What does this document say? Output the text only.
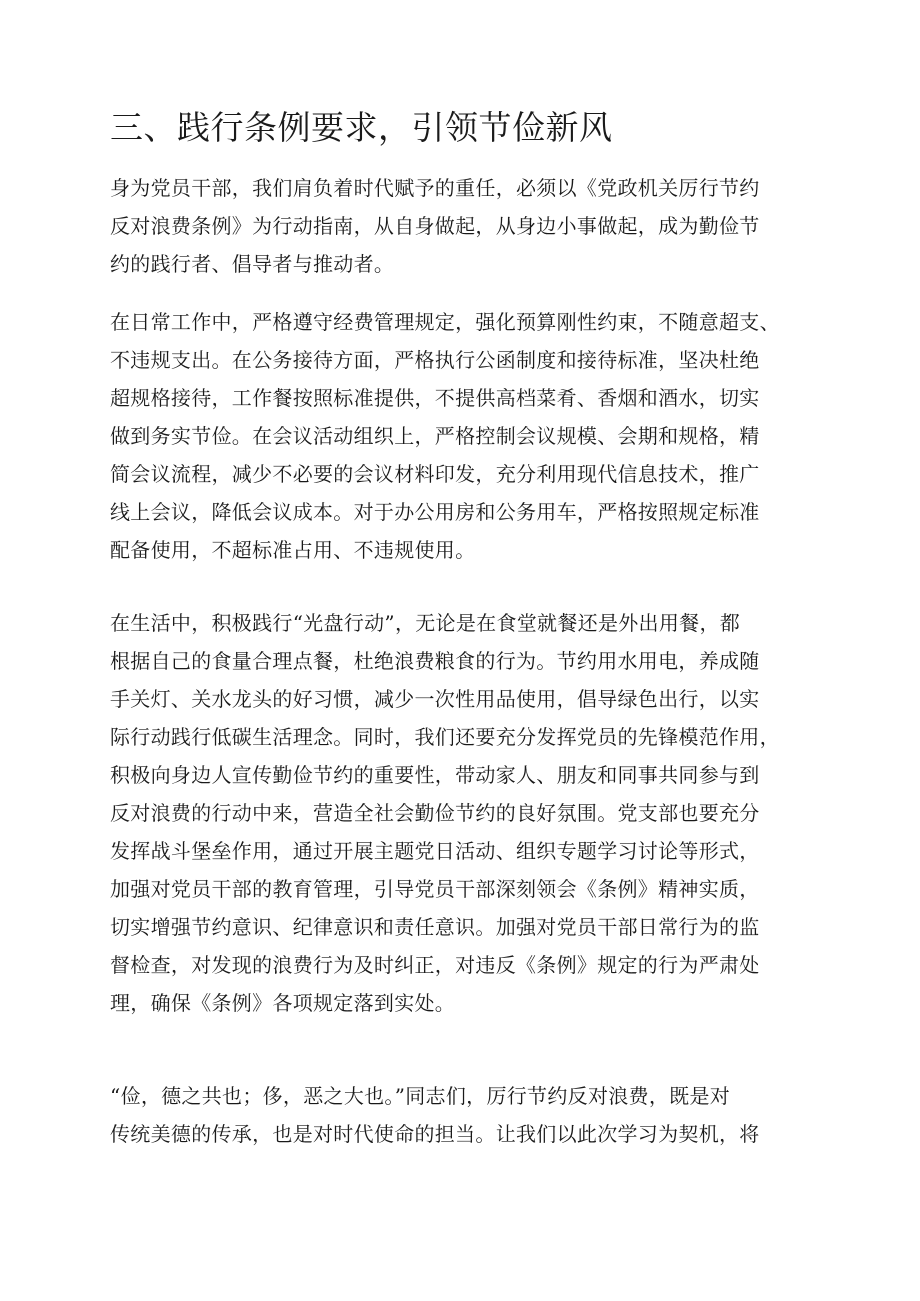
三、践行条例要求，引领节俭新风
身为党员干部，我们肩负着时代赋予的重任，必须以《党政机关厉行节约
反对浪费条例》为行动指南，从自身做起，从身边小事做起，成为勤俭节
约的践行者、倡导者与推动者。
在日常工作中，严格遵守经费管理规定，强化预算刚性约束，不随意超支、
不违规支出。在公务接待方面，严格执行公函制度和接待标准，坚决杜绝
超规格接待，工作餐按照标准提供，不提供高档菜肴、香烟和酒水，切实
做到务实节俭。在会议活动组织上，严格控制会议规模、会期和规格，精
简会议流程，减少不必要的会议材料印发，充分利用现代信息技术，推广
线上会议，降低会议成本。对于办公用房和公务用车，严格按照规定标准
配备使用，不超标准占用、不违规使用。
在生活中，积极践行“光盘行动”，无论是在食堂就餐还是外出用餐，都
根据自己的食量合理点餐，杜绝浪费粮食的行为。节约用水用电，养成随
手关灯、关水龙头的好习惯，减少一次性用品使用，倡导绿色出行，以实
际行动践行低碳生活理念。同时，我们还要充分发挥党员的先锋模范作用，
积极向身边人宣传勤俭节约的重要性，带动家人、朋友和同事共同参与到
反对浪费的行动中来，营造全社会勤俭节约的良好氛围。党支部也要充分
发挥战斗堡垒作用，通过开展主题党日活动、组织专题学习讨论等形式，
加强对党员干部的教育管理，引导党员干部深刻领会《条例》精神实质，
切实增强节约意识、纪律意识和责任意识。加强对党员干部日常行为的监
督检查，对发现的浪费行为及时纠正，对违反《条例》规定的行为严肃处
理，确保《条例》各项规定落到实处。
“俭，德之共也；侈，恶之大也。”同志们，厉行节约反对浪费，既是对
传统美德的传承，也是对时代使命的担当。让我们以此次学习为契机，将
